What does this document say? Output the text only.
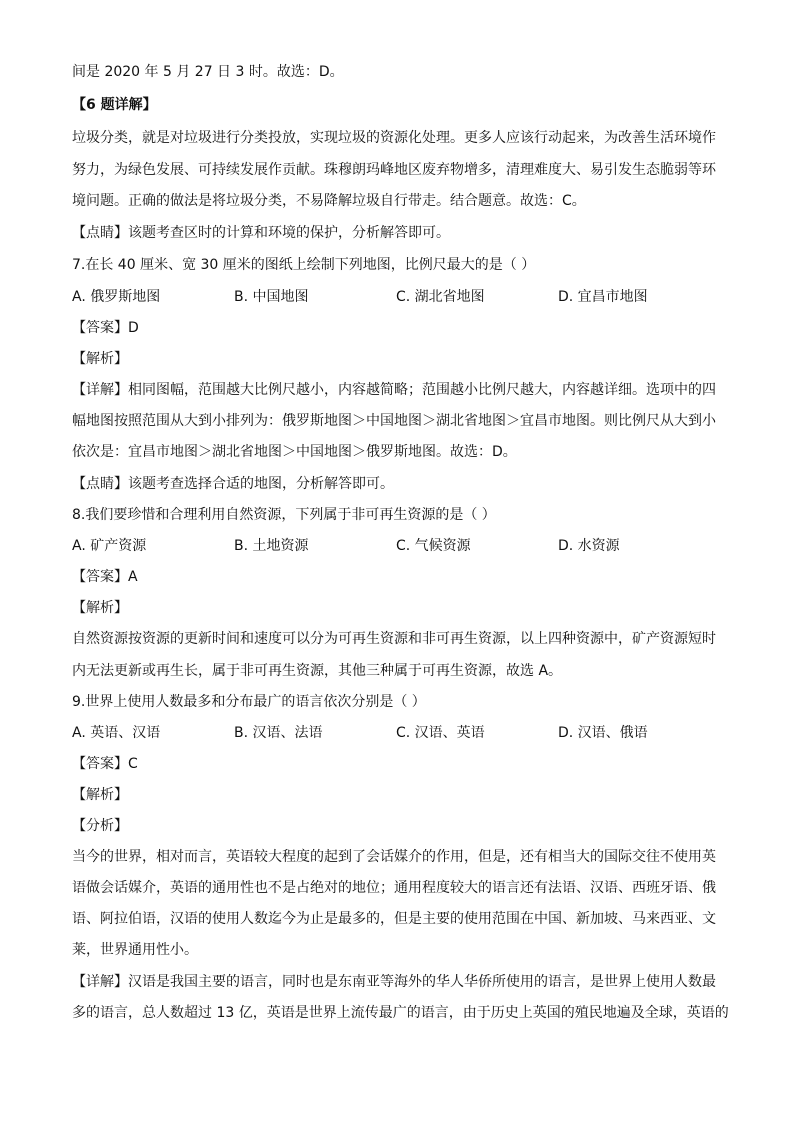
间是 2020 年 5 月 27 日 3 时。故选：D。
【6 题详解】
垃圾分类，就是对垃圾进行分类投放，实现垃圾的资源化处理。更多人应该行动起来，为改善生活环境作
努力，为绿色发展、可持续发展作贡献。珠穆朗玛峰地区废弃物增多，清理难度大、易引发生态脆弱等环
境问题。正确的做法是将垃圾分类，不易降解垃圾自行带走。结合题意。故选：C。
【点睛】该题考查区时的计算和环境的保护，分析解答即可。
7.在长 40 厘米、宽 30 厘米的图纸上绘制下列地图，比例尺最大的是（ ）
A. 俄罗斯地图	B. 中国地图	C. 湖北省地图	D. 宜昌市地图
【答案】D
【解析】
【详解】相同图幅，范围越大比例尺越小，内容越简略；范围越小比例尺越大，内容越详细。选项中的四
幅地图按照范围从大到小排列为：俄罗斯地图＞中国地图＞湖北省地图＞宜昌市地图。则比例尺从大到小
依次是：宜昌市地图＞湖北省地图＞中国地图＞俄罗斯地图。故选：D。
【点睛】该题考查选择合适的地图，分析解答即可。
8.我们要珍惜和合理利用自然资源，下列属于非可再生资源的是（ ）
A. 矿产资源	B. 土地资源	C. 气候资源	D. 水资源
【答案】A
【解析】
自然资源按资源的更新时间和速度可以分为可再生资源和非可再生资源，以上四种资源中，矿产资源短时
内无法更新或再生长，属于非可再生资源，其他三种属于可再生资源，故选 A。
9.世界上使用人数最多和分布最广的语言依次分别是（ ）
A. 英语、汉语	B. 汉语、法语	C. 汉语、英语	D. 汉语、俄语
【答案】C
【解析】
【分析】
当今的世界，相对而言，英语较大程度的起到了会话媒介的作用，但是，还有相当大的国际交往不使用英
语做会话媒介，英语的通用性也不是占绝对的地位；通用程度较大的语言还有法语、汉语、西班牙语、俄
语、阿拉伯语，汉语的使用人数迄今为止是最多的，但是主要的使用范围在中国、新加坡、马来西亚、文
莱，世界通用性小。
【详解】汉语是我国主要的语言，同时也是东南亚等海外的华人华侨所使用的语言，是世界上使用人数最
多的语言，总人数超过 13 亿，英语是世界上流传最广的语言，由于历史上英国的殖民地遍及全球，英语的
